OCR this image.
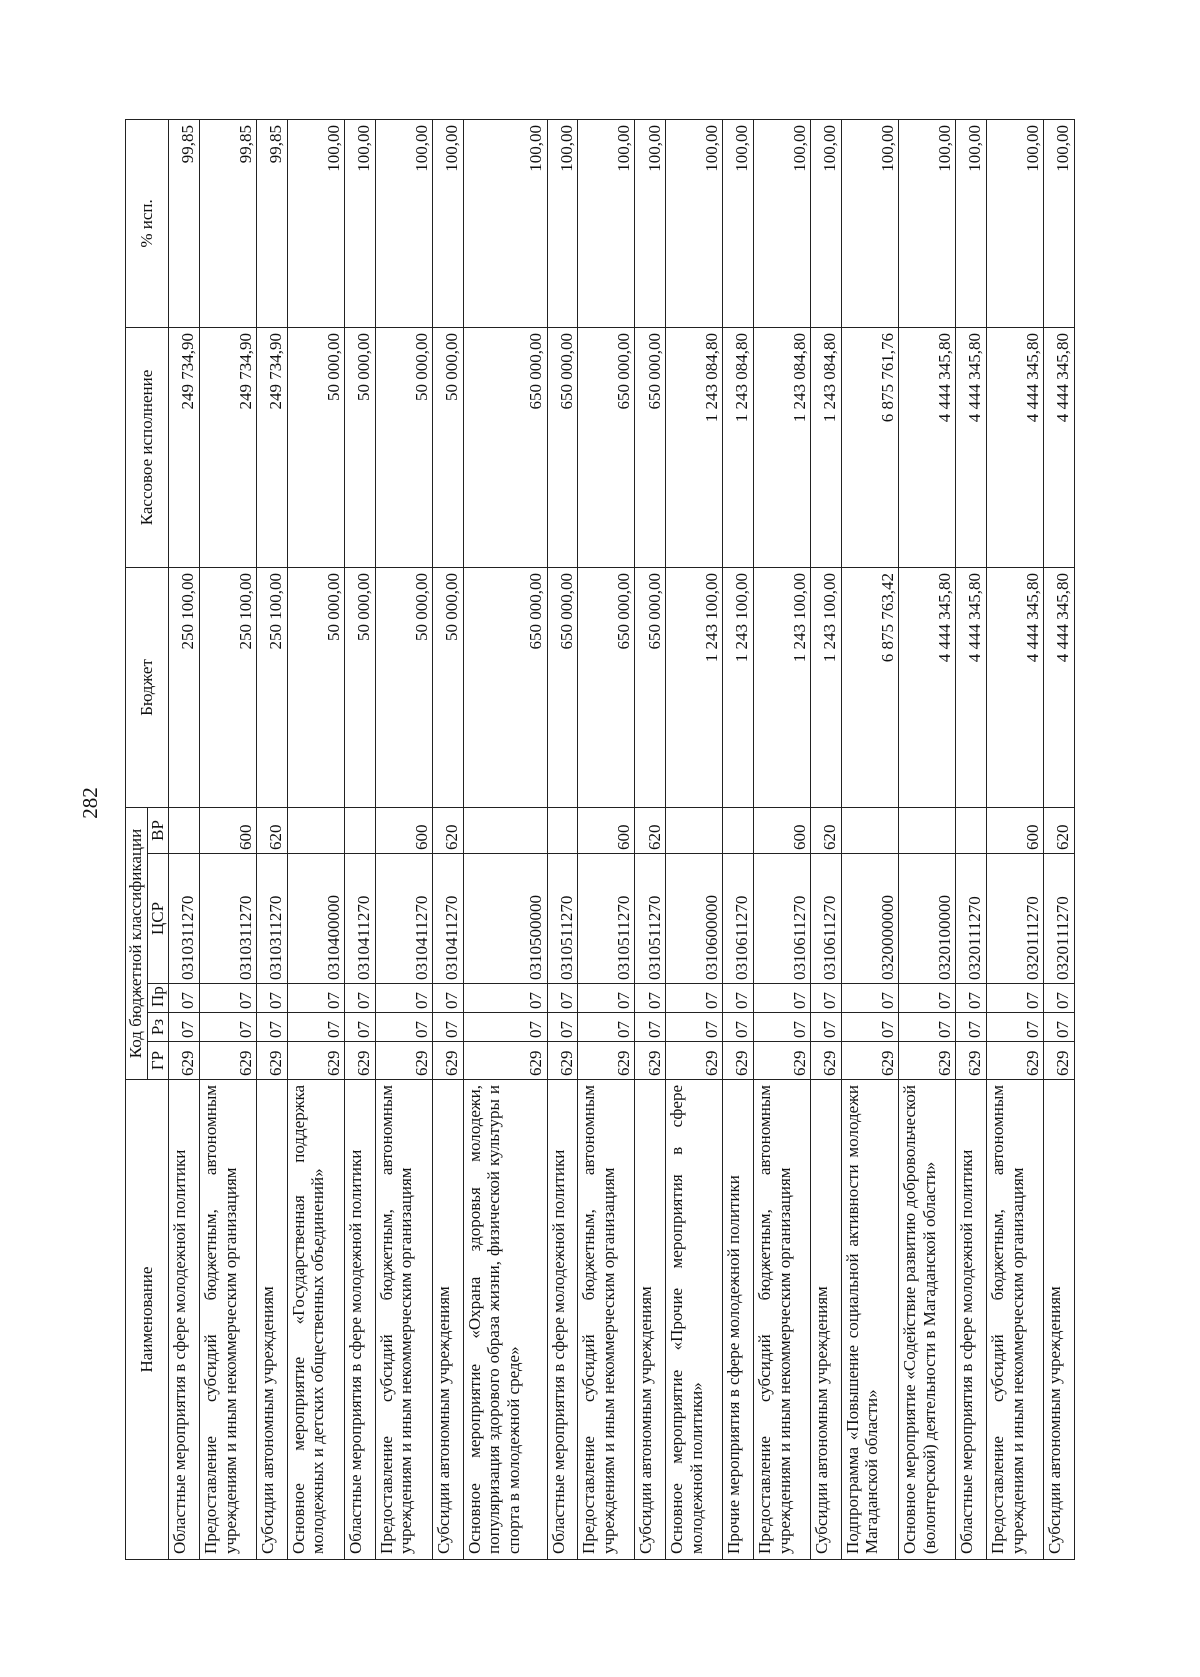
282
Наименование	Код бюджетной классификации					Бюджет	Кассовое исполнение	% исп.
	ГР	Рз	Пр	ЦСР	ВР			
Областные мероприятия в сфере молодежной политики	629	07	07	0310311270		250 100,00	249 734,90	99,85
Предоставление субсидий бюджетным, автономным учреждениям и иным некоммерческим организациям	629	07	07	0310311270	600	250 100,00	249 734,90	99,85
Субсидии автономным учреждениям	629	07	07	0310311270	620	250 100,00	249 734,90	99,85
Основное мероприятие «Государственная поддержка молодежных и детских общественных объединений»	629	07	07	0310400000		50 000,00	50 000,00	100,00
Областные мероприятия в сфере молодежной политики	629	07	07	0310411270		50 000,00	50 000,00	100,00
Предоставление субсидий бюджетным, автономным учреждениям и иным некоммерческим организациям	629	07	07	0310411270	600	50 000,00	50 000,00	100,00
Субсидии автономным учреждениям	629	07	07	0310411270	620	50 000,00	50 000,00	100,00
Основное мероприятие «Охрана здоровья молодежи, популяризация здорового образа жизни, физической культуры и спорта в молодежной среде»	629	07	07	0310500000		650 000,00	650 000,00	100,00
Областные мероприятия в сфере молодежной политики	629	07	07	0310511270		650 000,00	650 000,00	100,00
Предоставление субсидий бюджетным, автономным учреждениям и иным некоммерческим организациям	629	07	07	0310511270	600	650 000,00	650 000,00	100,00
Субсидии автономным учреждениям	629	07	07	0310511270	620	650 000,00	650 000,00	100,00
Основное мероприятие «Прочие мероприятия в сфере молодежной политики»	629	07	07	0310600000		1 243 100,00	1 243 084,80	100,00
Прочие мероприятия в сфере молодежной политики	629	07	07	0310611270		1 243 100,00	1 243 084,80	100,00
Предоставление субсидий бюджетным, автономным учреждениям и иным некоммерческим организациям	629	07	07	0310611270	600	1 243 100,00	1 243 084,80	100,00
Субсидии автономным учреждениям	629	07	07	0310611270	620	1 243 100,00	1 243 084,80	100,00
Подпрограмма «Повышение социальной активности молодежи Магаданской области»	629	07	07	0320000000		6 875 763,42	6 875 761,76	100,00
Основное мероприятие «Содействие развитию добровольческой (волонтерской) деятельности в Магаданской области»	629	07	07	0320100000		4 444 345,80	4 444 345,80	100,00
Областные мероприятия в сфере молодежной политики	629	07	07	0320111270		4 444 345,80	4 444 345,80	100,00
Предоставление субсидий бюджетным, автономным учреждениям и иным некоммерческим организациям	629	07	07	0320111270	600	4 444 345,80	4 444 345,80	100,00
Субсидии автономным учреждениям	629	07	07	0320111270	620	4 444 345,80	4 444 345,80	100,00
